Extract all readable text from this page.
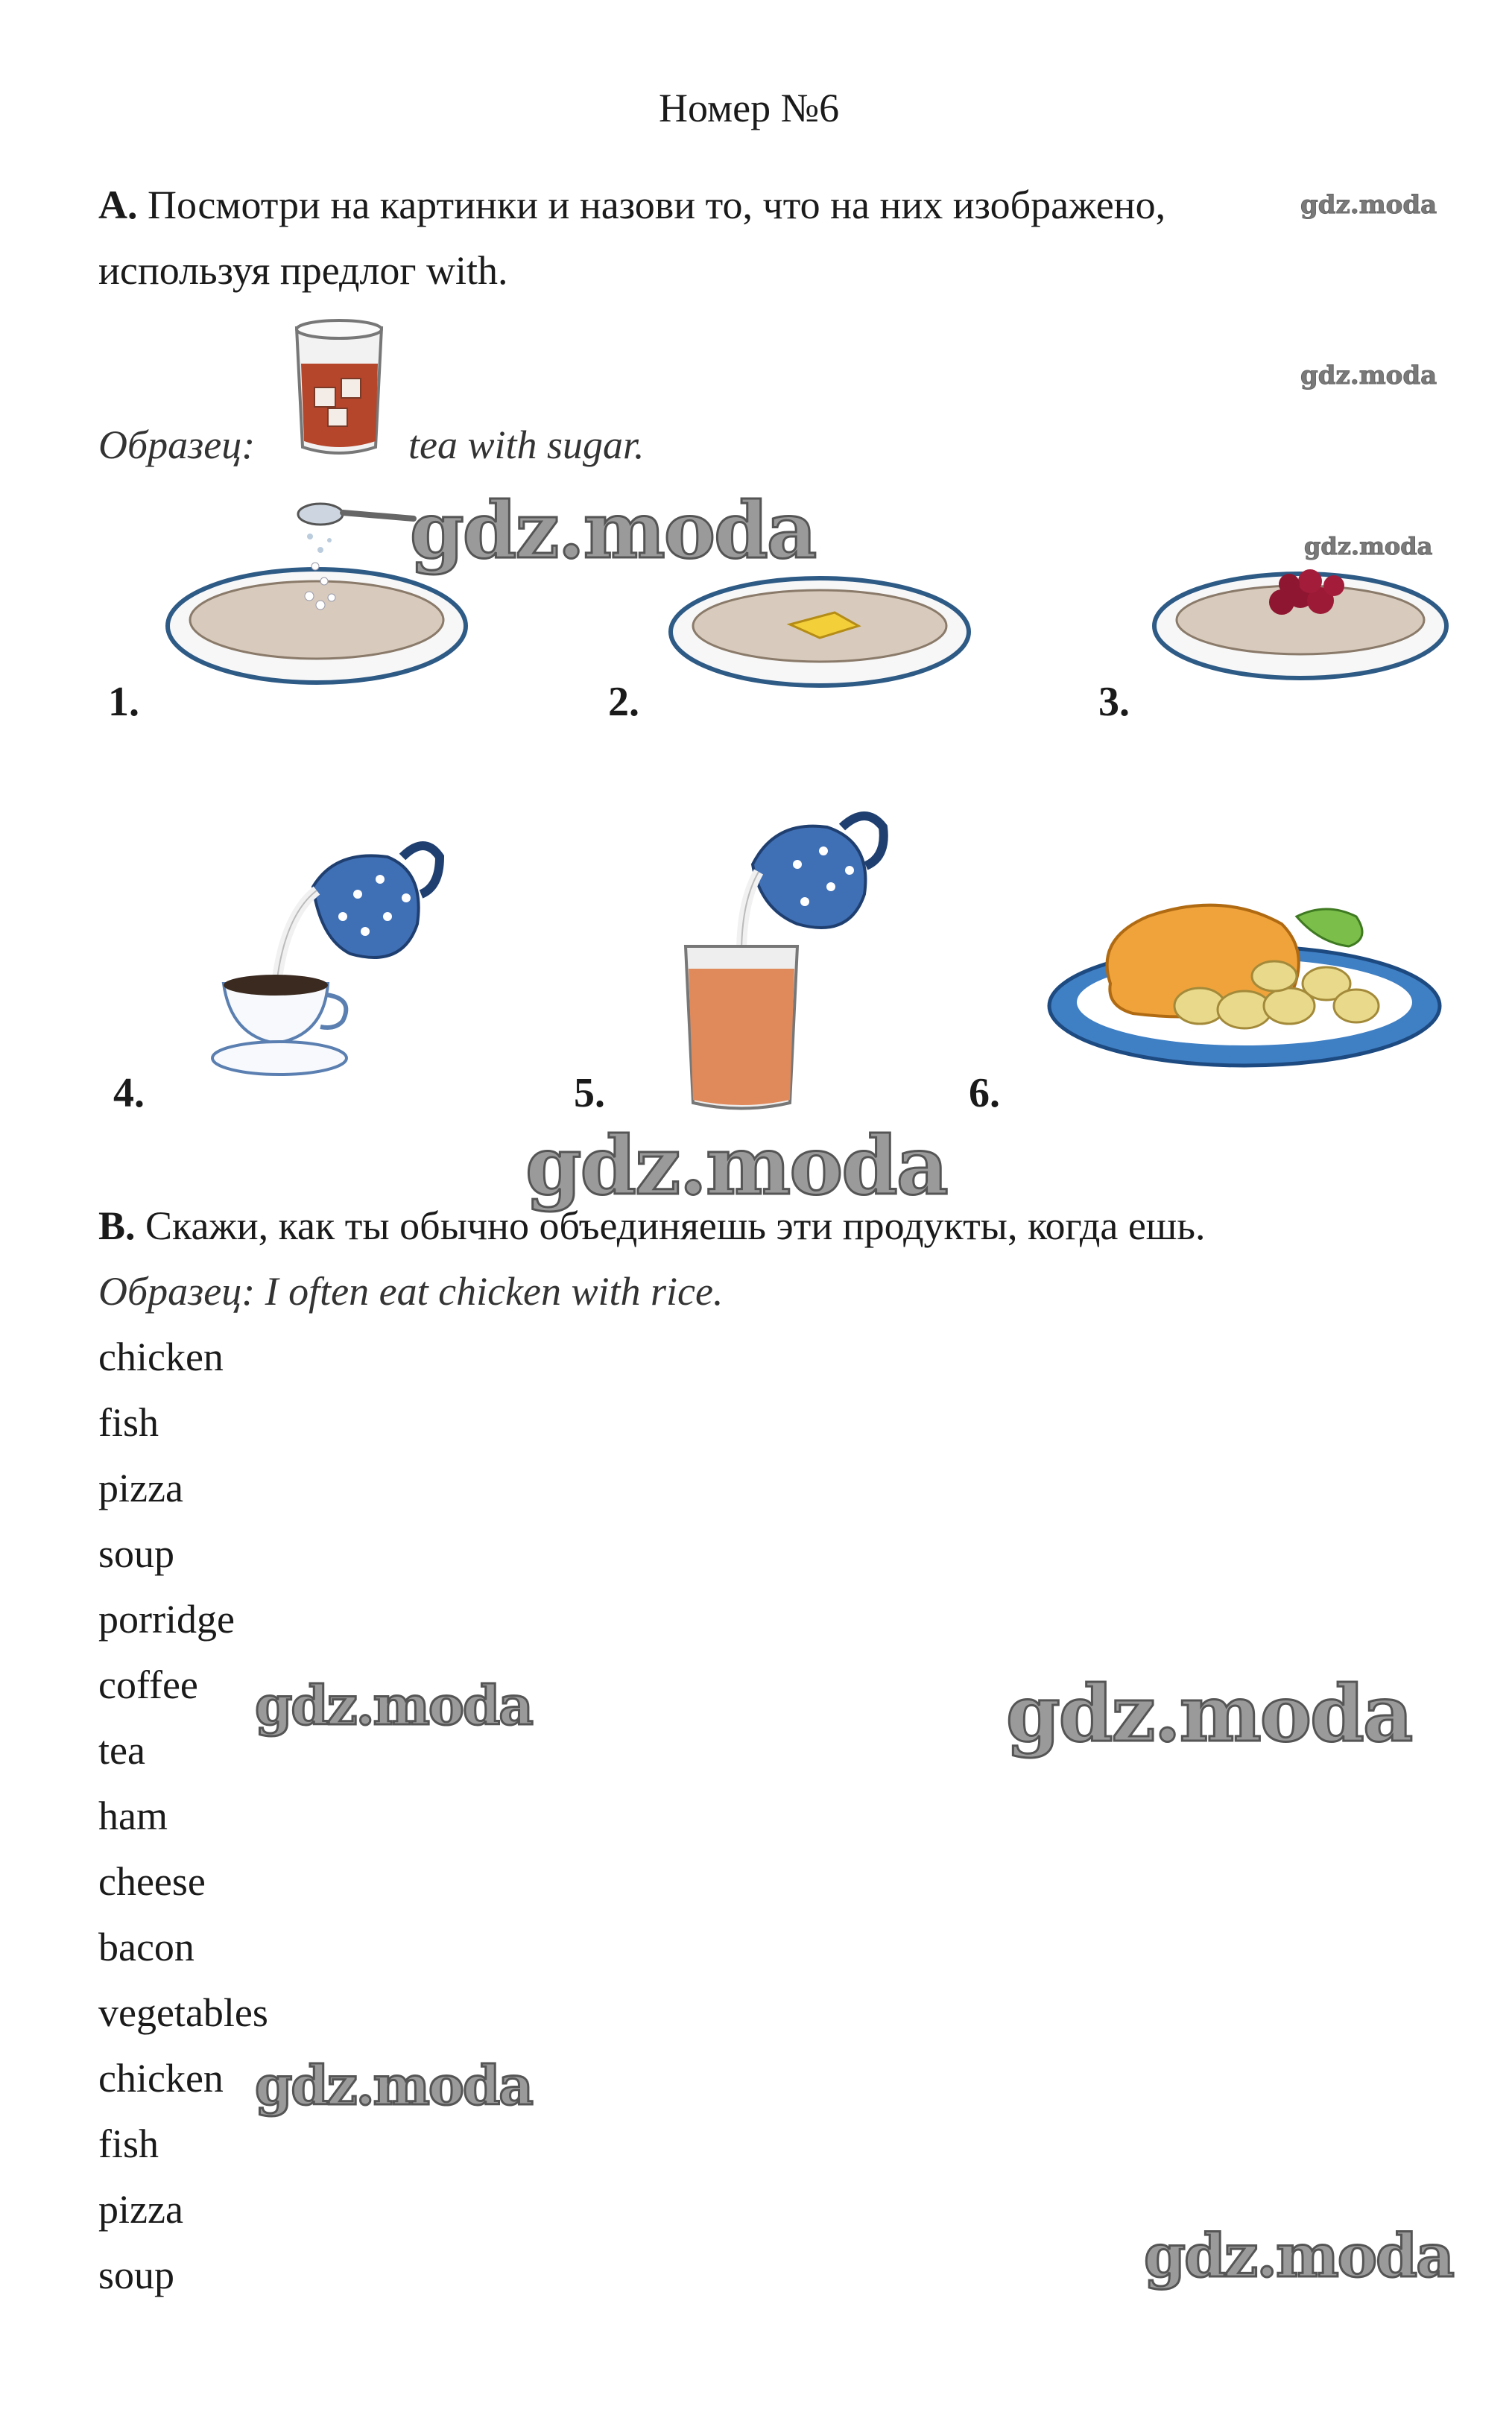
Номер №6
A. Посмотри на картинки и назови то, что на них изображено,
используя предлог with.
Образец:	tea with sugar.
1.	2.	3.
4.	5.	6.
B. Скажи, как ты обычно объединяешь эти продукты, когда ешь.
Образец: I often eat chicken with rice.
chicken
fish
pizza
soup
porridge
coffee
tea
ham
cheese
bacon
vegetables
chicken
fish
pizza
soup
gdz.moda
gdz.moda
gdz.moda
gdz.moda
gdz.moda
gdz.moda	gdz.moda
gdz.moda
gdz.moda
